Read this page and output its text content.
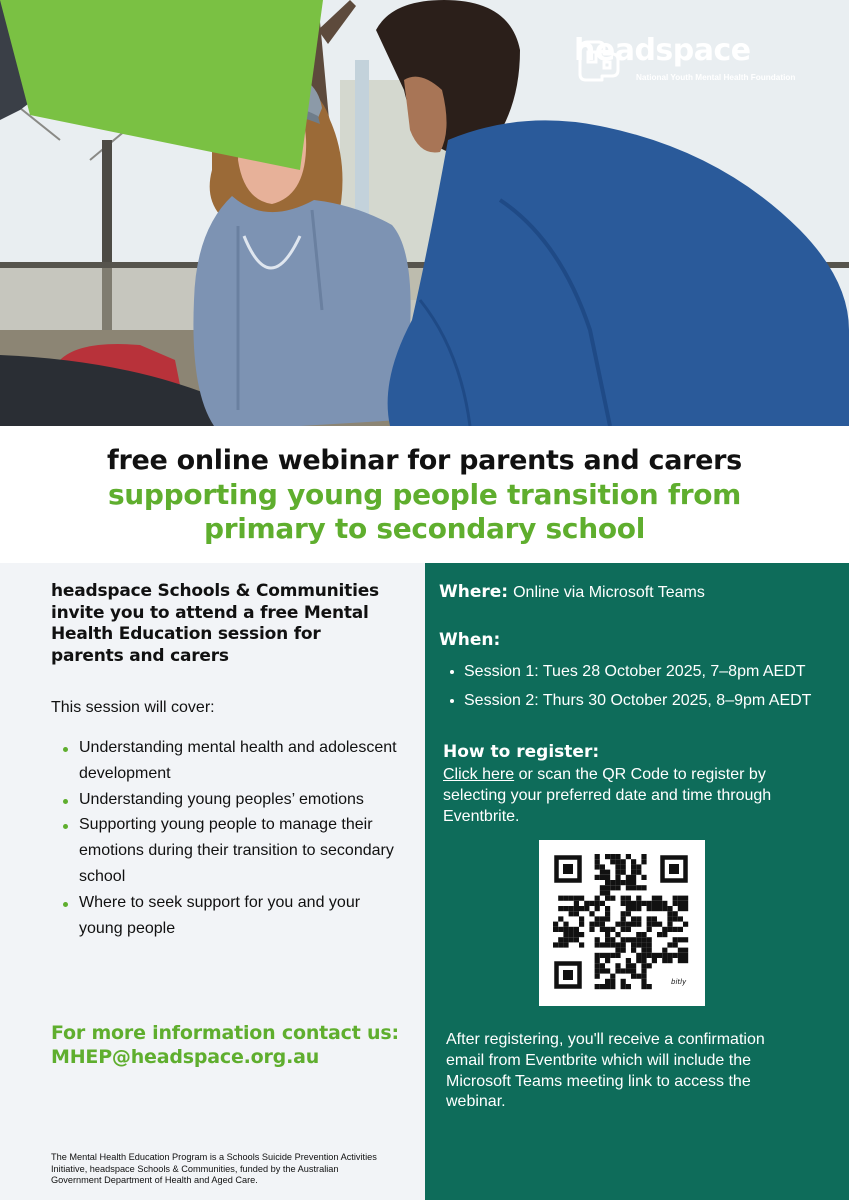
headspace
National Youth Mental Health Foundation
free online webinar for parents and carers
supporting young people transition from primary to secondary school
headspace Schools & Communities invite you to attend a free Mental Health Education session for parents and carers
This session will cover:
Understanding mental health and adolescent development
Understanding young peoples’ emotions
Supporting young people to manage their emotions during their transition to secondary school
Where to seek support for you and your young people
For more information contact us:
MHEP@headspace.org.au
The Mental Health Education Program is a Schools Suicide Prevention Activities Initiative, headspace Schools & Communities, funded by the Australian Government Department of Health and Aged Care.
Where: Online via Microsoft Teams
When:
Session 1: Tues 28 October 2025, 7–8pm AEDT
Session 2: Thurs 30 October 2025, 8–9pm AEDT
How to register:
Click here or scan the QR Code to register by selecting your preferred date and time through Eventbrite.
bitly
After registering, you'll receive a confirmation email from Eventbrite which will include the Microsoft Teams meeting link to access the webinar.
